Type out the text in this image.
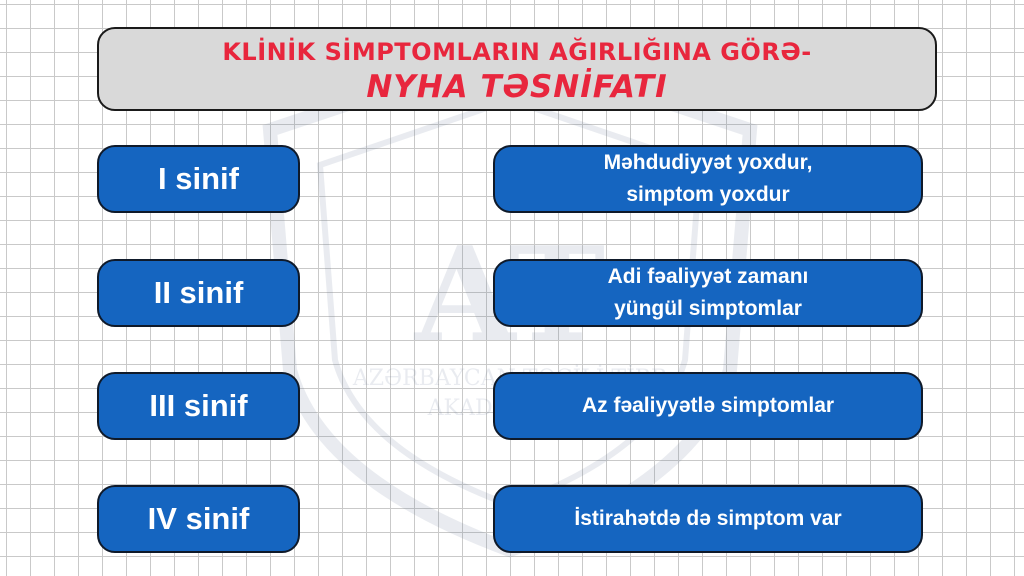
AZƏRBAYCAN
KLİNİK SİMPTOMLARIN AĞIRLIĞINA GÖRƏ-
NYHA TƏSNİFATI
I sinif	Məhdudiyyət yoxdur,
simptom yoxdur
II sinif	Adi fəaliyyət zamanı
yüngül simptomlar
III sinif	Az fəaliyyətlə simptomlar
IV sinif	İstirahətdə də simptom var
